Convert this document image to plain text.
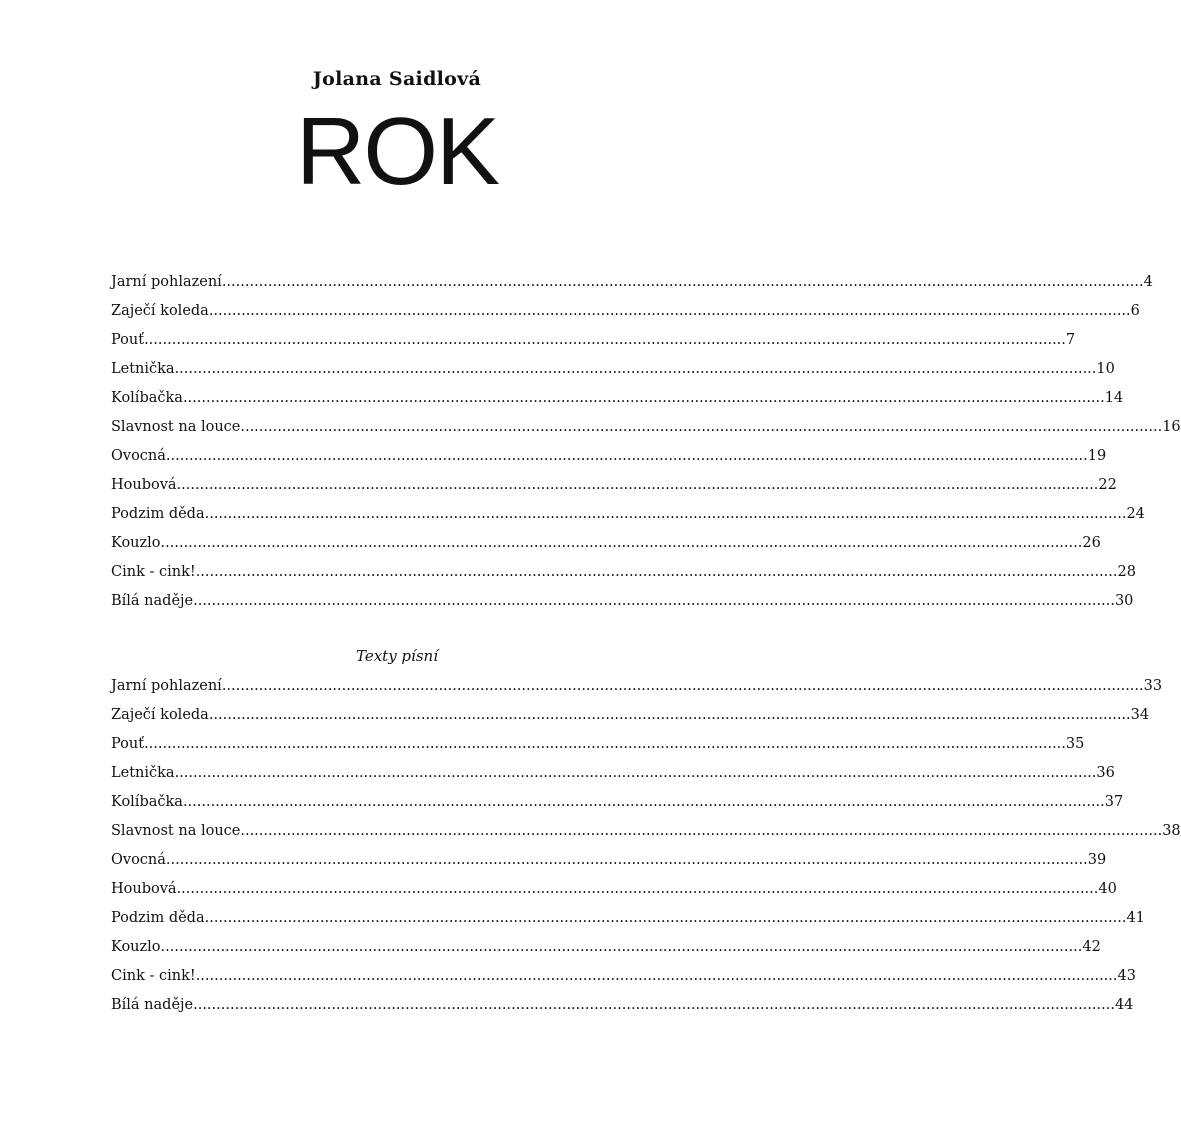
Jolana Saidlová
ROK
Jarní pohlazení ........................................................................................................................................................................................................ 4
Zaječí koleda ........................................................................................................................................................................................................ 6
Pouť ........................................................................................................................................................................................................ 7
Letnička ........................................................................................................................................................................................................ 10
Kolíbačka ........................................................................................................................................................................................................ 14
Slavnost na louce ........................................................................................................................................................................................................ 16
Ovocná ........................................................................................................................................................................................................ 19
Houbová ........................................................................................................................................................................................................ 22
Podzim děda ........................................................................................................................................................................................................ 24
Kouzlo ........................................................................................................................................................................................................ 26
Cink - cink! ........................................................................................................................................................................................................ 28
Bílá naděje ........................................................................................................................................................................................................ 30
Texty písní
Jarní pohlazení ........................................................................................................................................................................................................ 33
Zaječí koleda ........................................................................................................................................................................................................ 34
Pouť ........................................................................................................................................................................................................ 35
Letnička ........................................................................................................................................................................................................ 36
Kolíbačka ........................................................................................................................................................................................................ 37
Slavnost na louce ........................................................................................................................................................................................................ 38
Ovocná ........................................................................................................................................................................................................ 39
Houbová ........................................................................................................................................................................................................ 40
Podzim děda ........................................................................................................................................................................................................ 41
Kouzlo ........................................................................................................................................................................................................ 42
Cink - cink! ........................................................................................................................................................................................................ 43
Bílá naděje ........................................................................................................................................................................................................ 44
